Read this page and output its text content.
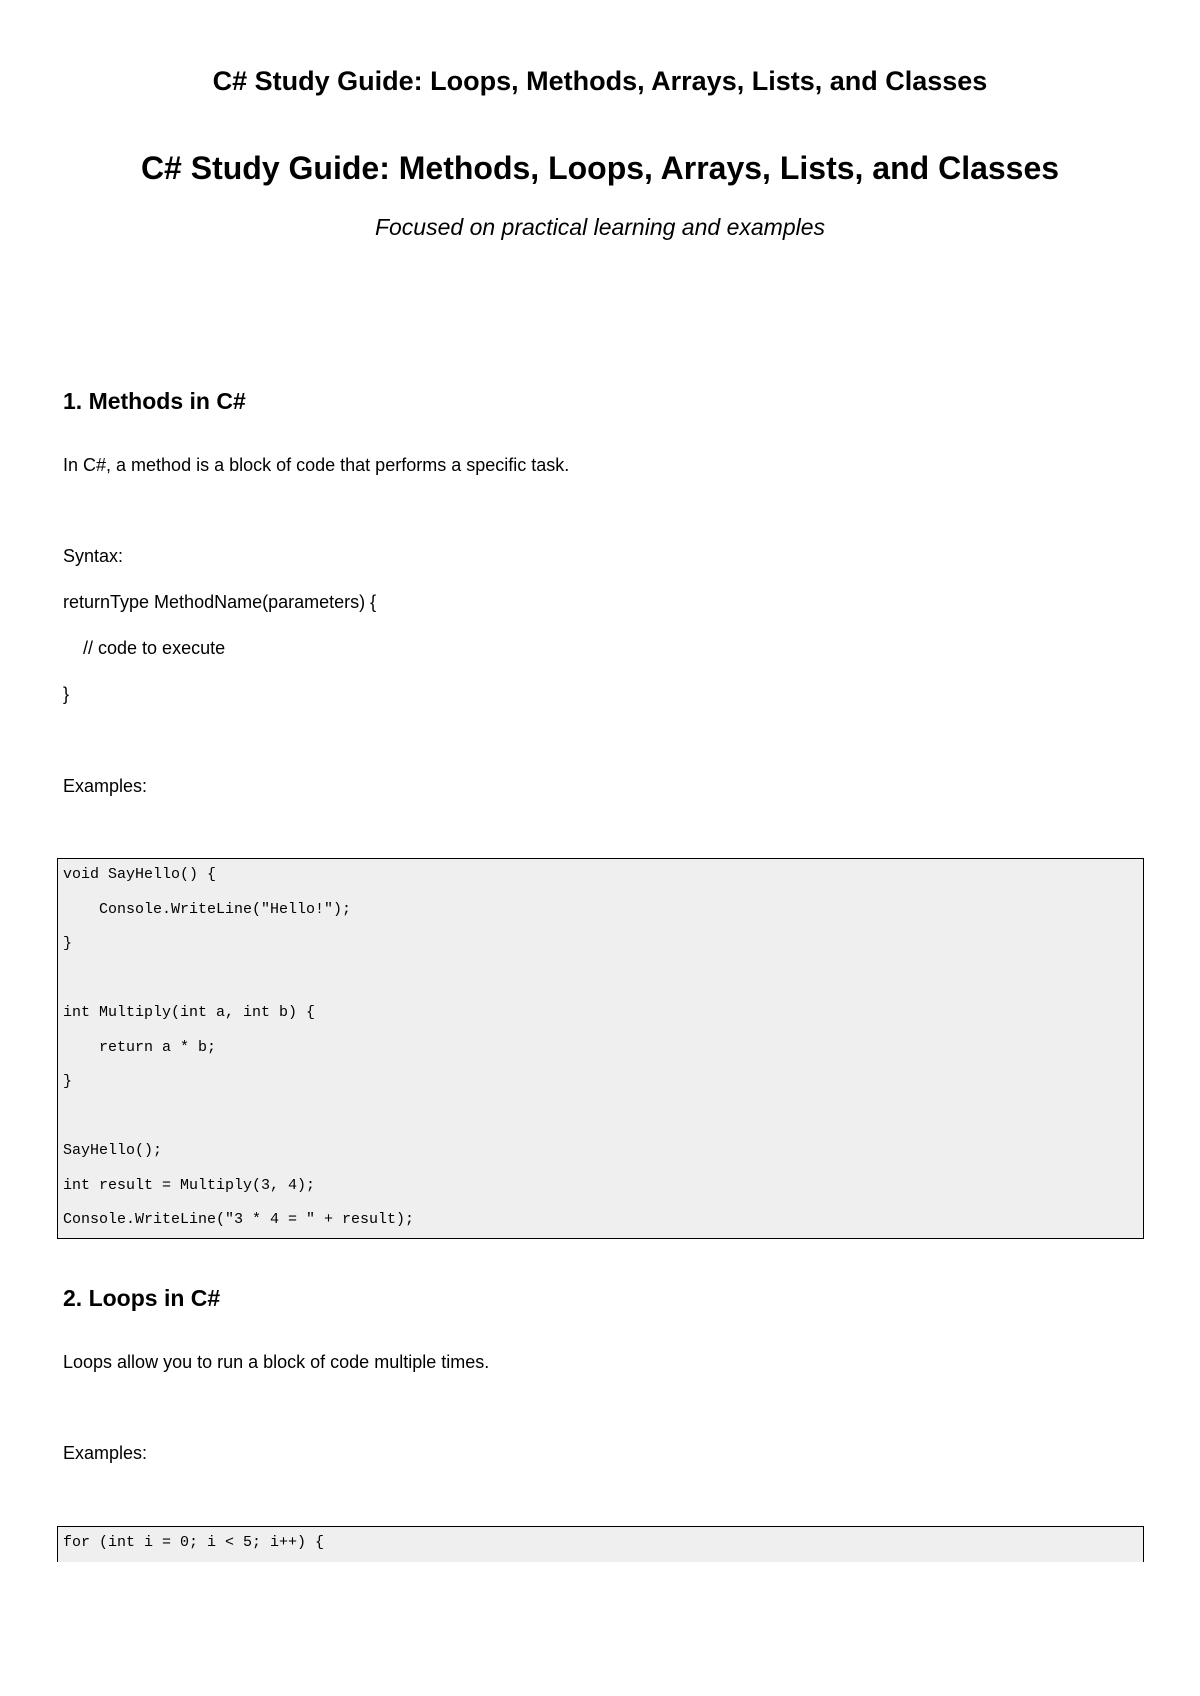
C# Study Guide: Loops, Methods, Arrays, Lists, and Classes
C# Study Guide: Methods, Loops, Arrays, Lists, and Classes
Focused on practical learning and examples
1. Methods in C#
In C#, a method is a block of code that performs a specific task.
Syntax:
returnType MethodName(parameters) {
// code to execute
}
Examples:
void SayHello() {
Console.WriteLine("Hello!");
}
int Multiply(int a, int b) {
return a * b;
}
SayHello();
int result = Multiply(3, 4);
Console.WriteLine("3 * 4 = " + result);
2. Loops in C#
Loops allow you to run a block of code multiple times.
Examples:
for (int i = 0; i < 5; i++) {
